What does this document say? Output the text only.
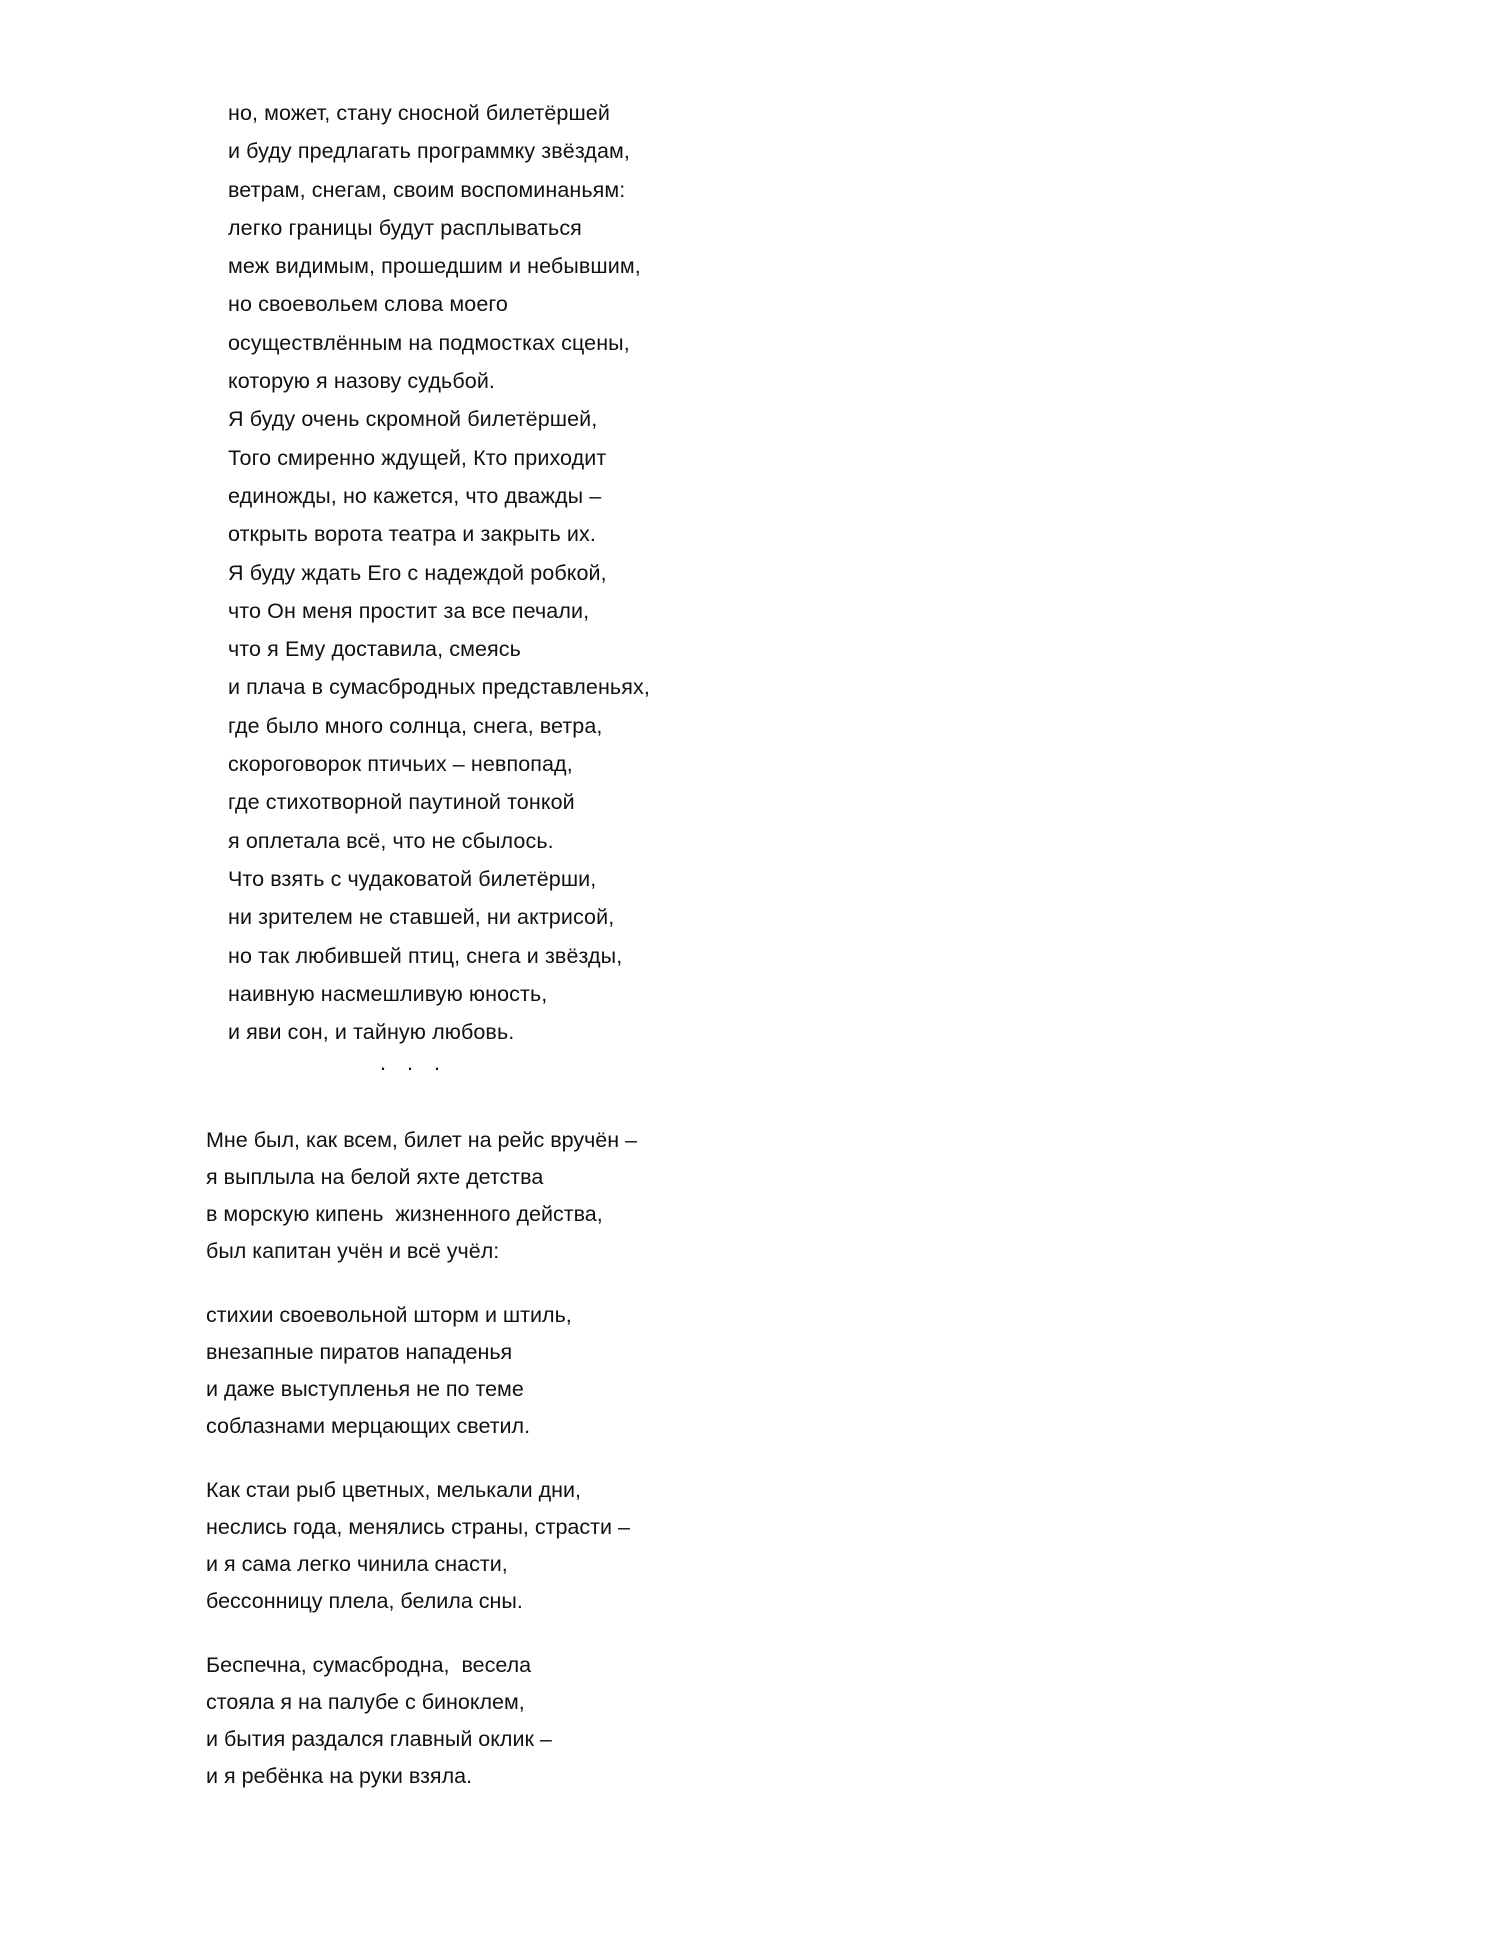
но, может, стану сносной билетёршей
и буду предлагать программку звёздам,
ветрам, снегам, своим воспоминаньям:
легко границы будут расплываться
меж видимым, прошедшим и небывшим,
но своевольем слова моего
осуществлённым на подмостках сцены,
которую я назову судьбой.
Я буду очень скромной билетёршей,
Того смиренно ждущей, Кто приходит
единожды, но кажется, что дважды –
открыть ворота театра и закрыть их.
Я буду ждать Его с надеждой робкой,
что Он меня простит за все печали,
что я Ему доставила, смеясь
и плача в сумасбродных представленьях,
где было много солнца, снега, ветра,
скороговорок птичьих – невпопад,
где стихотворной паутиной тонкой
я оплетала всё, что не сбылось.
Что взять с чудаковатой билетёрши,
ни зрителем не ставшей, ни актрисой,
но так любившей птиц, снега и звёзды,
наивную насмешливую юность,
и яви сон, и тайную любовь.
. . .
Мне был, как всем, билет на рейс вручён –
я выплыла на белой яхте детства
в морскую кипень  жизненного действа,
был капитан учён и всё учёл:
стихии своевольной шторм и штиль,
внезапные пиратов нападенья
и даже выступленья не по теме
соблазнами мерцающих светил.
Как стаи рыб цветных, мелькали дни,
неслись года, менялись страны, страсти –
и я сама легко чинила снасти,
бессонницу плела, белила сны.
Беспечна, сумасбродна,  весела
стояла я на палубе с биноклем,
и бытия раздался главный оклик –
и я ребёнка на руки взяла.
